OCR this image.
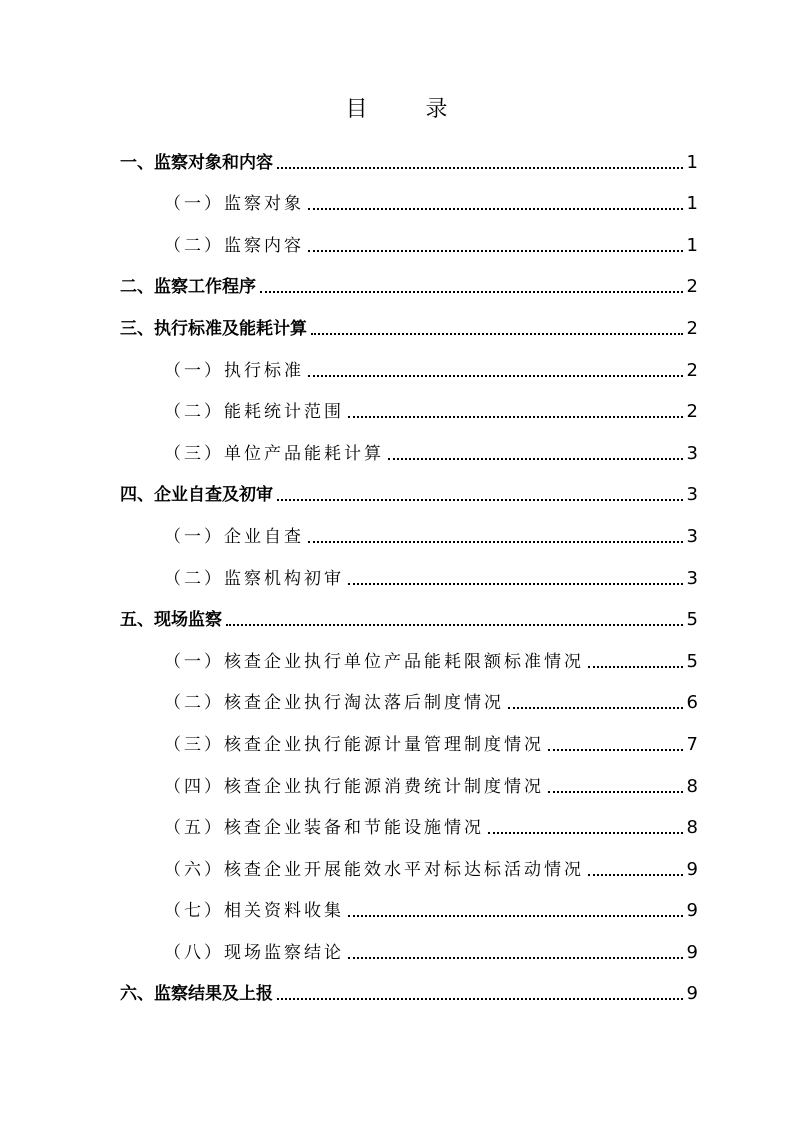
目　录
一、监察对象和内容	1
（一）监察对象	1
（二）监察内容	1
二、监察工作程序	2
三、执行标准及能耗计算	2
（一）执行标准	2
（二）能耗统计范围	2
（三）单位产品能耗计算	3
四、企业自查及初审	3
（一）企业自查	3
（二）监察机构初审	3
五、现场监察	5
（一）核查企业执行单位产品能耗限额标准情况	5
（二）核查企业执行淘汰落后制度情况	6
（三）核查企业执行能源计量管理制度情况	7
（四）核查企业执行能源消费统计制度情况	8
（五）核查企业装备和节能设施情况	8
（六）核查企业开展能效水平对标达标活动情况	9
（七）相关资料收集	9
（八）现场监察结论	9
六、监察结果及上报	9
